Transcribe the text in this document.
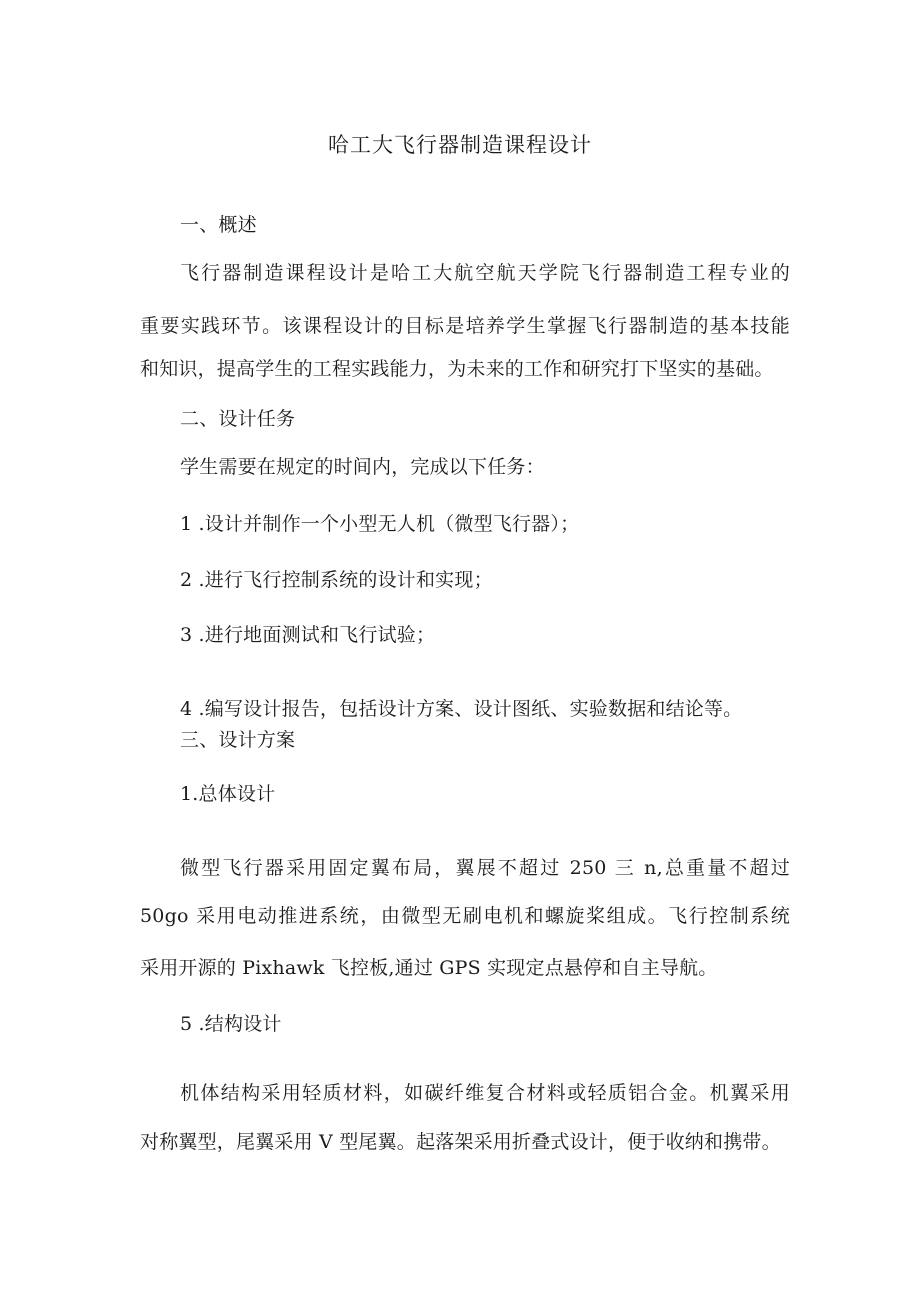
哈工大飞行器制造课程设计
一、概述
飞行器制造课程设计是哈工大航空航天学院飞行器制造工程专业的
重要实践环节。该课程设计的目标是培养学生掌握飞行器制造的基本技能
和知识，提高学生的工程实践能力，为未来的工作和研究打下坚实的基础。
二、设计任务
学生需要在规定的时间内，完成以下任务：
1 .设计并制作一个小型无人机（微型飞行器）；
2 .进行飞行控制系统的设计和实现；
3 .进行地面测试和飞行试验；
4 .编写设计报告，包括设计方案、设计图纸、实验数据和结论等。
三、设计方案
1.总体设计
微型飞行器采用固定翼布局，翼展不超过 250 三 n,总重量不超过
50go 采用电动推进系统，由微型无刷电机和螺旋桨组成。飞行控制系统
采用开源的 Pixhawk 飞控板,通过 GPS 实现定点悬停和自主导航。
5 .结构设计
机体结构采用轻质材料，如碳纤维复合材料或轻质铝合金。机翼采用
对称翼型，尾翼采用 V 型尾翼。起落架采用折叠式设计，便于收纳和携带。
